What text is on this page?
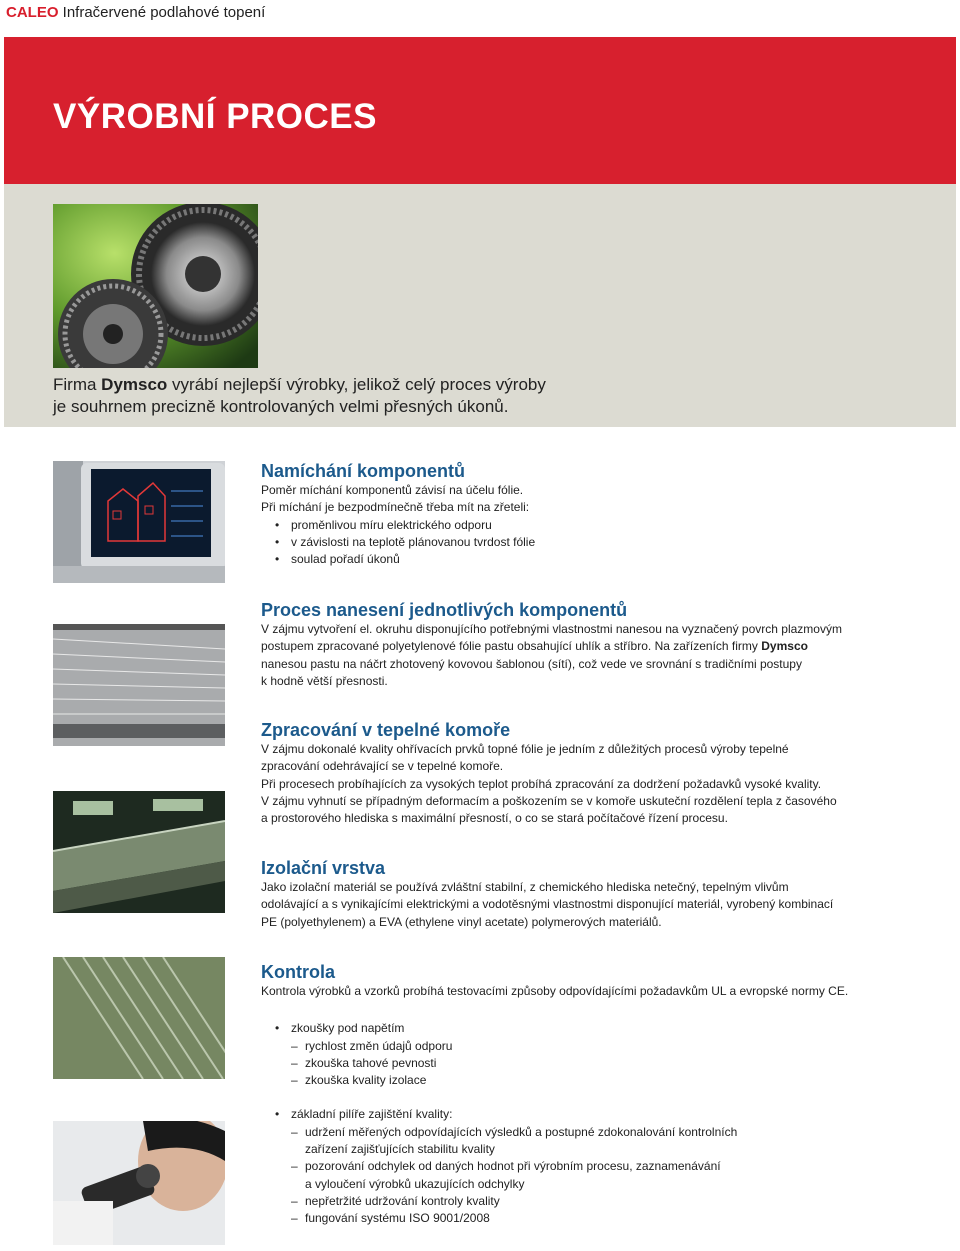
CALEO Infračervené podlahové topení
VÝROBNÍ PROCES
Firma Dymsco vyrábí nejlepší výrobky, jelikož celý proces výroby
je souhrnem precizně kontrolovaných velmi přesných úkonů.
Namíchání komponentů

Poměr míchání komponentů závisí na účelu fólie.

Při míchání je bezpodmínečně třeba mít na zřeteli:

• proměnlivou míru elektrického odporu
• v závislosti na teplotě plánovanou tvrdost fólie
• soulad pořadí úkonů
Proces nanesení jednotlivých komponentů

V zájmu vytvoření el. okruhu disponujícího potřebnými vlastnostmi nanesou na vyznačený povrch plazmovým

postupem zpracované polyetylenové fólie pastu obsahující uhlík a stříbro. Na zařízeních firmy Dymsco

nanesou pastu na náčrt zhotovený kovovou šablonou (sítí), což vede ve srovnání s tradičními postupy

k hodně větší přesnosti.

Zpracování v tepelné komoře

V zájmu dokonalé kvality ohřívacích prvků topné fólie je jedním z důležitých procesů výroby tepelné

zpracování odehrávající se v tepelné komoře.

Při procesech probíhajících za vysokých teplot probíhá zpracování za dodržení požadavků vysoké kvality.

V zájmu vyhnutí se případným deformacím a poškozením se v komoře uskuteční rozdělení tepla z časového

a prostorového hlediska s maximální přesností, o co se stará počítačové řízení procesu.

Izolační vrstva

Jako izolační materiál se používá zvláštní stabilní, z chemického hlediska netečný, tepelným vlivům

odolávající a s vynikajícími elektrickými a vodotěsnými vlastnostmi disponující materiál, vyrobený kombinací

PE (polyethylenem) a EVA (ethylene vinyl acetate) polymerových materiálů.

Kontrola

Kontrola výrobků a vzorků probíhá testovacími způsoby odpovídajícími požadavkům UL a evropské normy CE.

• zkoušky pod napětím
– rychlost změn údajů odporu
– zkouška tahové pevnosti
– zkouška kvality izolace
• základní pilíře zajištění kvality:
– udržení měřených odpovídajících výsledků a postupné zdokonalování kontrolních
zařízení zajišťujících stabilitu kvality
– pozorování odchylek od daných hodnot při výrobním procesu, zaznamenávání
a vyloučení výrobků ukazujících odchylky
– nepřetržité udržování kontroly kvality
– fungování systému ISO 9001/2008
